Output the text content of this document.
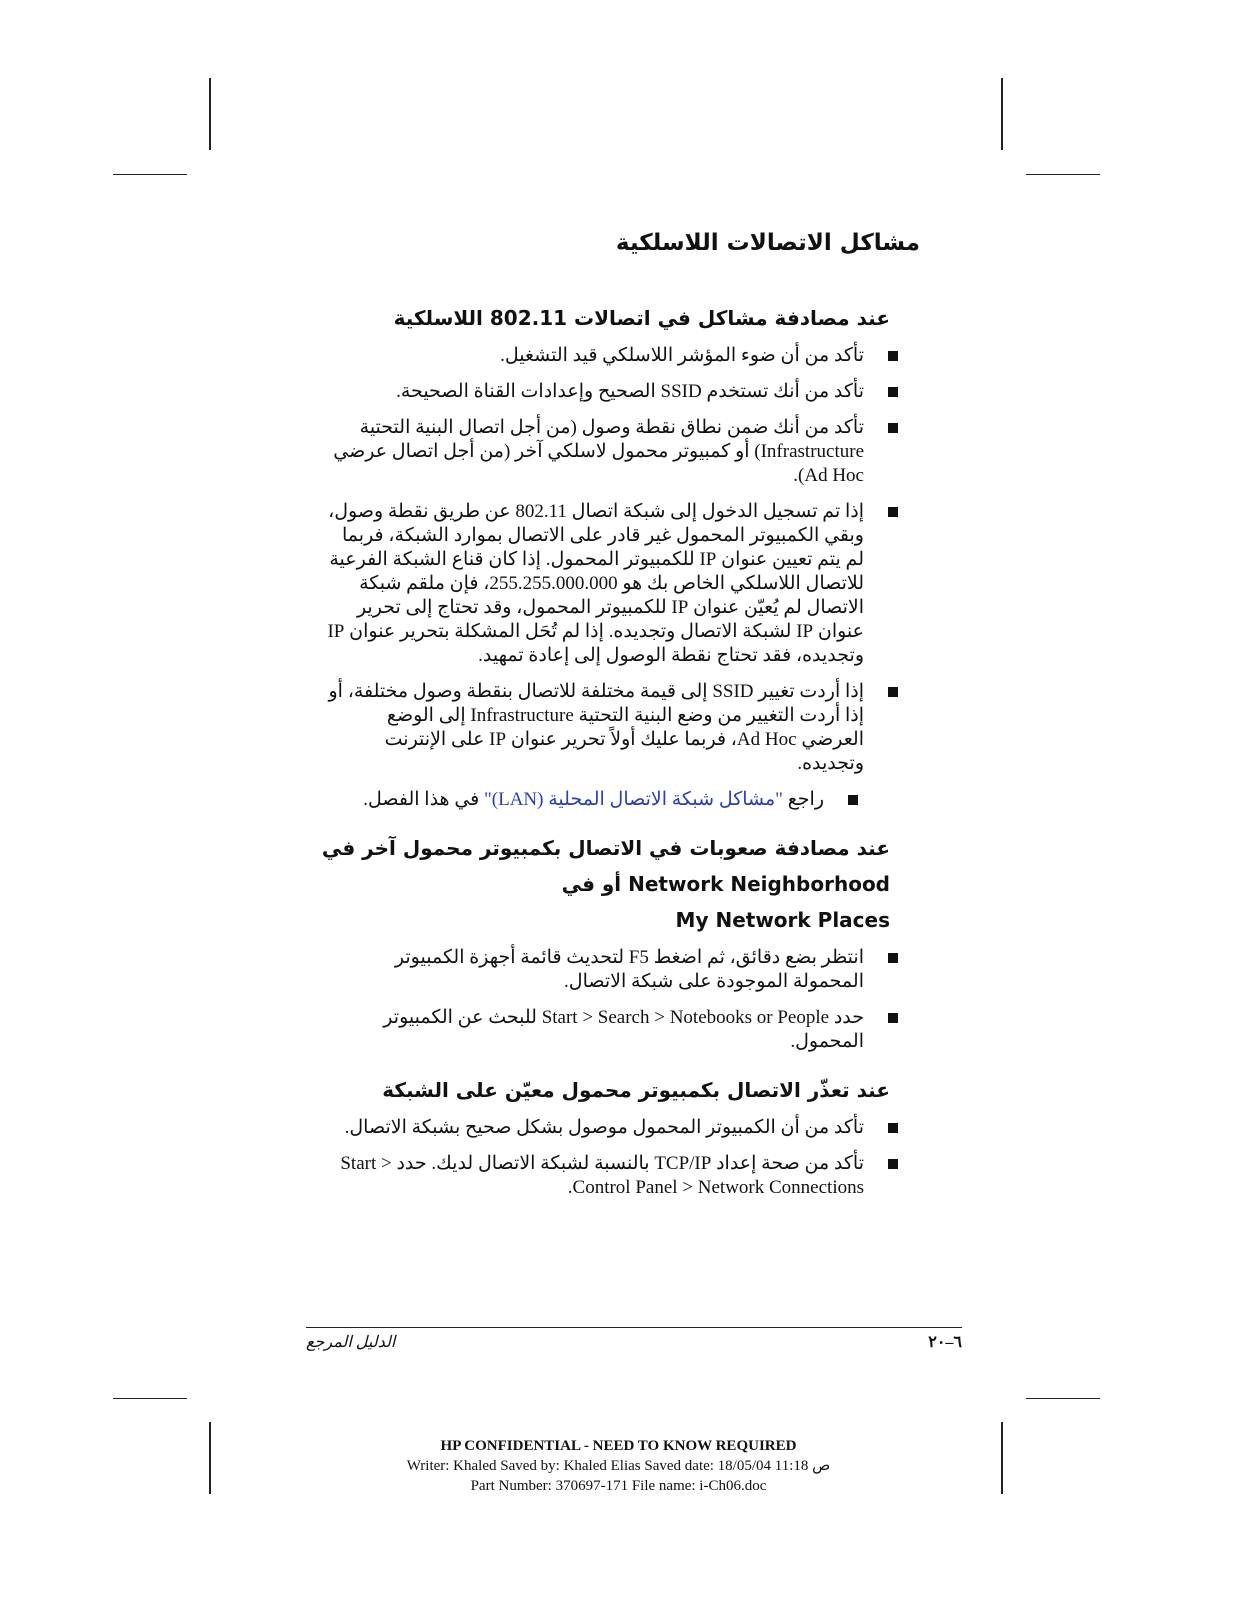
مشاكل الاتصالات اللاسلكية
عند مصادفة مشاكل في اتصالات 802.11 اللاسلكية
تأكد من أن ضوء المؤشر اللاسلكي قيد التشغيل.
تأكد من أنك تستخدم SSID الصحيح وإعدادات القناة الصحيحة.
تأكد من أنك ضمن نطاق نقطة وصول (من أجل اتصال البنية التحتية Infrastructure) أو كمبيوتر محمول لاسلكي آخر (من أجل اتصال عرضي Ad Hoc).
إذا تم تسجيل الدخول إلى شبكة اتصال 802.11 عن طريق نقطة وصول، وبقي الكمبيوتر المحمول غير قادر على الاتصال بموارد الشبكة، فربما لم يتم تعيين عنوان IP للكمبيوتر المحمول. إذا كان قناع الشبكة الفرعية للاتصال اللاسلكي الخاص بك هو 255.255.000.000، فإن ملقم شبكة الاتصال لم يُعيّن عنوان IP للكمبيوتر المحمول، وقد تحتاج إلى تحرير عنوان IP لشبكة الاتصال وتجديده. إذا لم تُحَل المشكلة بتحرير عنوان IP وتجديده، فقد تحتاج نقطة الوصول إلى إعادة تمهيد.
إذا أردت تغيير SSID إلى قيمة مختلفة للاتصال بنقطة وصول مختلفة، أو إذا أردت التغيير من وضع البنية التحتية Infrastructure إلى الوضع العرضي Ad Hoc، فربما عليك أولاً تحرير عنوان IP على الإنترنت وتجديده.
راجع "مشاكل شبكة الاتصال المحلية (LAN)" في هذا الفصل.
عند مصادفة صعوبات في الاتصال بكمبيوتر محمول آخر في
Network Neighborhood أو في
My Network Places
انتظر بضع دقائق، ثم اضغط F5 لتحديث قائمة أجهزة الكمبيوتر المحمولة الموجودة على شبكة الاتصال.
حدد Start > Search > Notebooks or People للبحث عن الكمبيوتر المحمول.
عند تعذّر الاتصال بكمبيوتر محمول معيّن على الشبكة
تأكد من أن الكمبيوتر المحمول موصول بشكل صحيح بشبكة الاتصال.
تأكد من صحة إعداد TCP/IP بالنسبة لشبكة الاتصال لديك. حدد Start > Control Panel > Network Connections.
الدليل المرجع	٦–٢٠
HP CONFIDENTIAL - NEED TO KNOW REQUIRED
Writer: Khaled Saved by: Khaled Elias Saved date: 18/05/04 11:18 ص
Part Number: 370697-171 File name: i-Ch06.doc
